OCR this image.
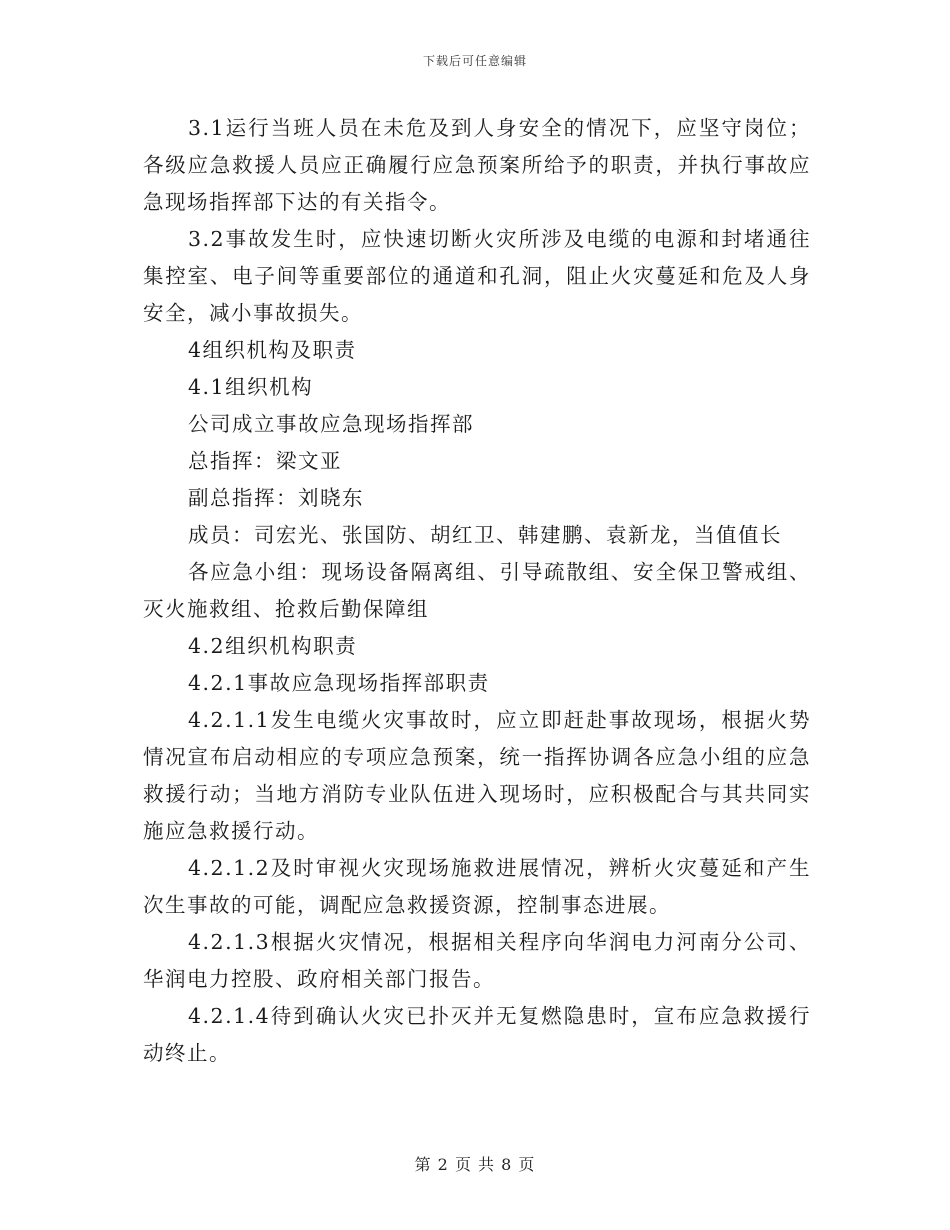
下载后可任意编辑

3.1运行当班人员在未危及到人身安全的情况下，应坚守岗位；各级应急救援人员应正确履行应急预案所给予的职责，并执行事故应急现场指挥部下达的有关指令。

3.2事故发生时，应快速切断火灾所涉及电缆的电源和封堵通往集控室、电子间等重要部位的通道和孔洞，阻止火灾蔓延和危及人身安全，减小事故损失。

4组织机构及职责

4.1组织机构

公司成立事故应急现场指挥部

总指挥：梁文亚

副总指挥：刘晓东

成员：司宏光、张国防、胡红卫、韩建鹏、袁新龙，当值值长

各应急小组：现场设备隔离组、引导疏散组、安全保卫警戒组、灭火施救组、抢救后勤保障组

4.2组织机构职责

4.2.1事故应急现场指挥部职责

4.2.1.1发生电缆火灾事故时，应立即赶赴事故现场，根据火势情况宣布启动相应的专项应急预案，统一指挥协调各应急小组的应急救援行动；当地方消防专业队伍进入现场时，应积极配合与其共同实施应急救援行动。

4.2.1.2及时审视火灾现场施救进展情况，辨析火灾蔓延和产生次生事故的可能，调配应急救援资源，控制事态进展。

4.2.1.3根据火灾情况，根据相关程序向华润电力河南分公司、华润电力控股、政府相关部门报告。

4.2.1.4待到确认火灾已扑灭并无复燃隐患时，宣布应急救援行动终止。

第 2 页 共 8 页
